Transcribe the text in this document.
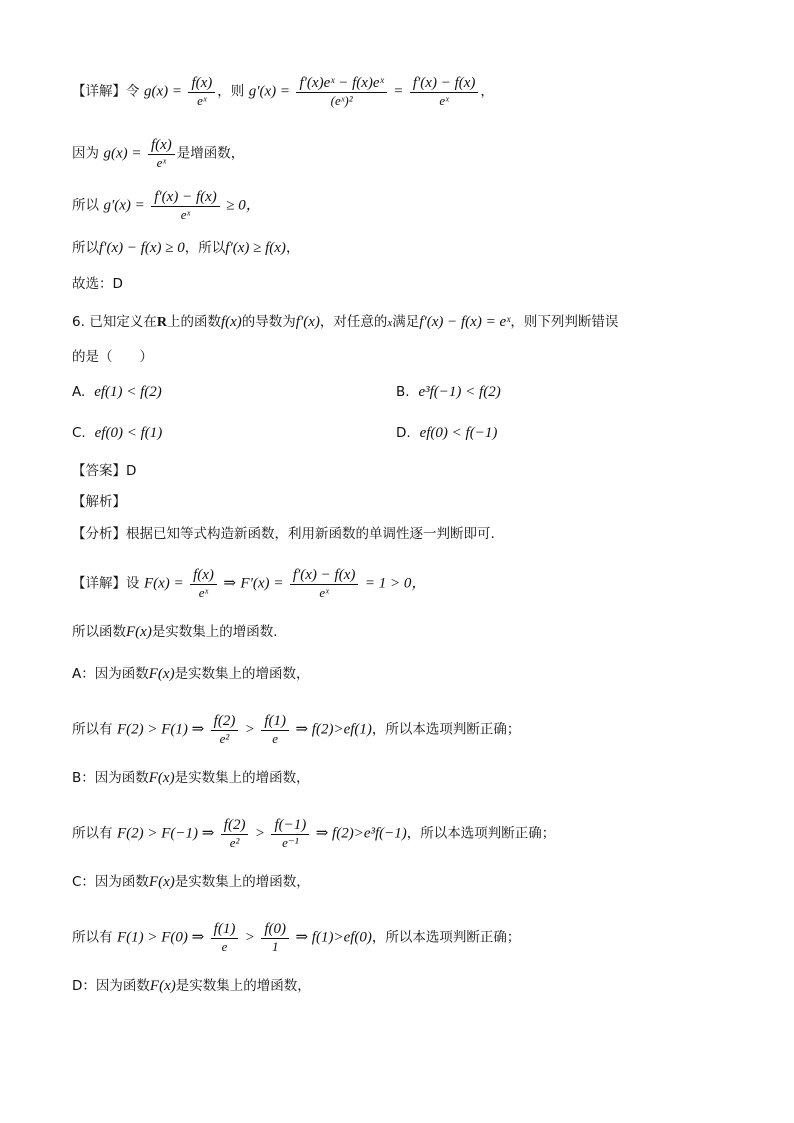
【详解】令 $g(x) = \frac{f(x)}{\text{eˣ}}$ ，则 $g'(x) = \frac{\text{f′(x)eˣ − f(x)eˣ}}{\text{(eˣ)²}} = \frac{f'(x) - f(x)}{\text{eˣ}}$ ，
因为 $g(x) = \frac{f(x)}{\text{eˣ}}$ 是增函数，
所以 $g'(x) = \frac{f'(x) - f(x)}{\text{eˣ}} \ge 0$，
所以f′(x) − f(x) ≥ 0，所以f′(x) ≥ f(x)，
故选：D
6. 已知定义在R上的函数f(x)的导数为f′(x)，对任意的x满足f′(x) − f(x) = eˣ，则下列判断错误
的是（　　）
A. ef(1) < f(2)	B. e³f(−1) < f(2)
C. ef(0) < f(1)	D. ef(0) < f(−1)
【答案】D
【解析】
【分析】根据已知等式构造新函数，利用新函数的单调性逐一判断即可.
【详解】设 $F(x) = \frac{f(x)}{\text{eˣ}}$ ⇒ $F'(x) = \frac{f'(x) - f(x)}{\text{eˣ}} = 1 > 0$，
所以函数F(x)是实数集上的增函数.
A：因为函数F(x)是实数集上的增函数，
所以有 F(2) > F(1) ⇒ $\frac{f(2)}{\text{e²}} > \frac{f(1)}{e}$ ⇒ f(2)>ef(1)，所以本选项判断正确；
B：因为函数F(x)是实数集上的增函数，
所以有 F(2) > F(−1) ⇒ $\frac{f(2)}{\text{e²}} > \frac{f(-1)}{\text{e⁻¹}}$ ⇒ f(2)>e³f(−1)，所以本选项判断正确；
C：因为函数F(x)是实数集上的增函数，
所以有 F(1) > F(0) ⇒ $\frac{f(1)}{e} > \frac{f(0)}{1}$ ⇒ f(1)>ef(0)，所以本选项判断正确；
D：因为函数F(x)是实数集上的增函数，
